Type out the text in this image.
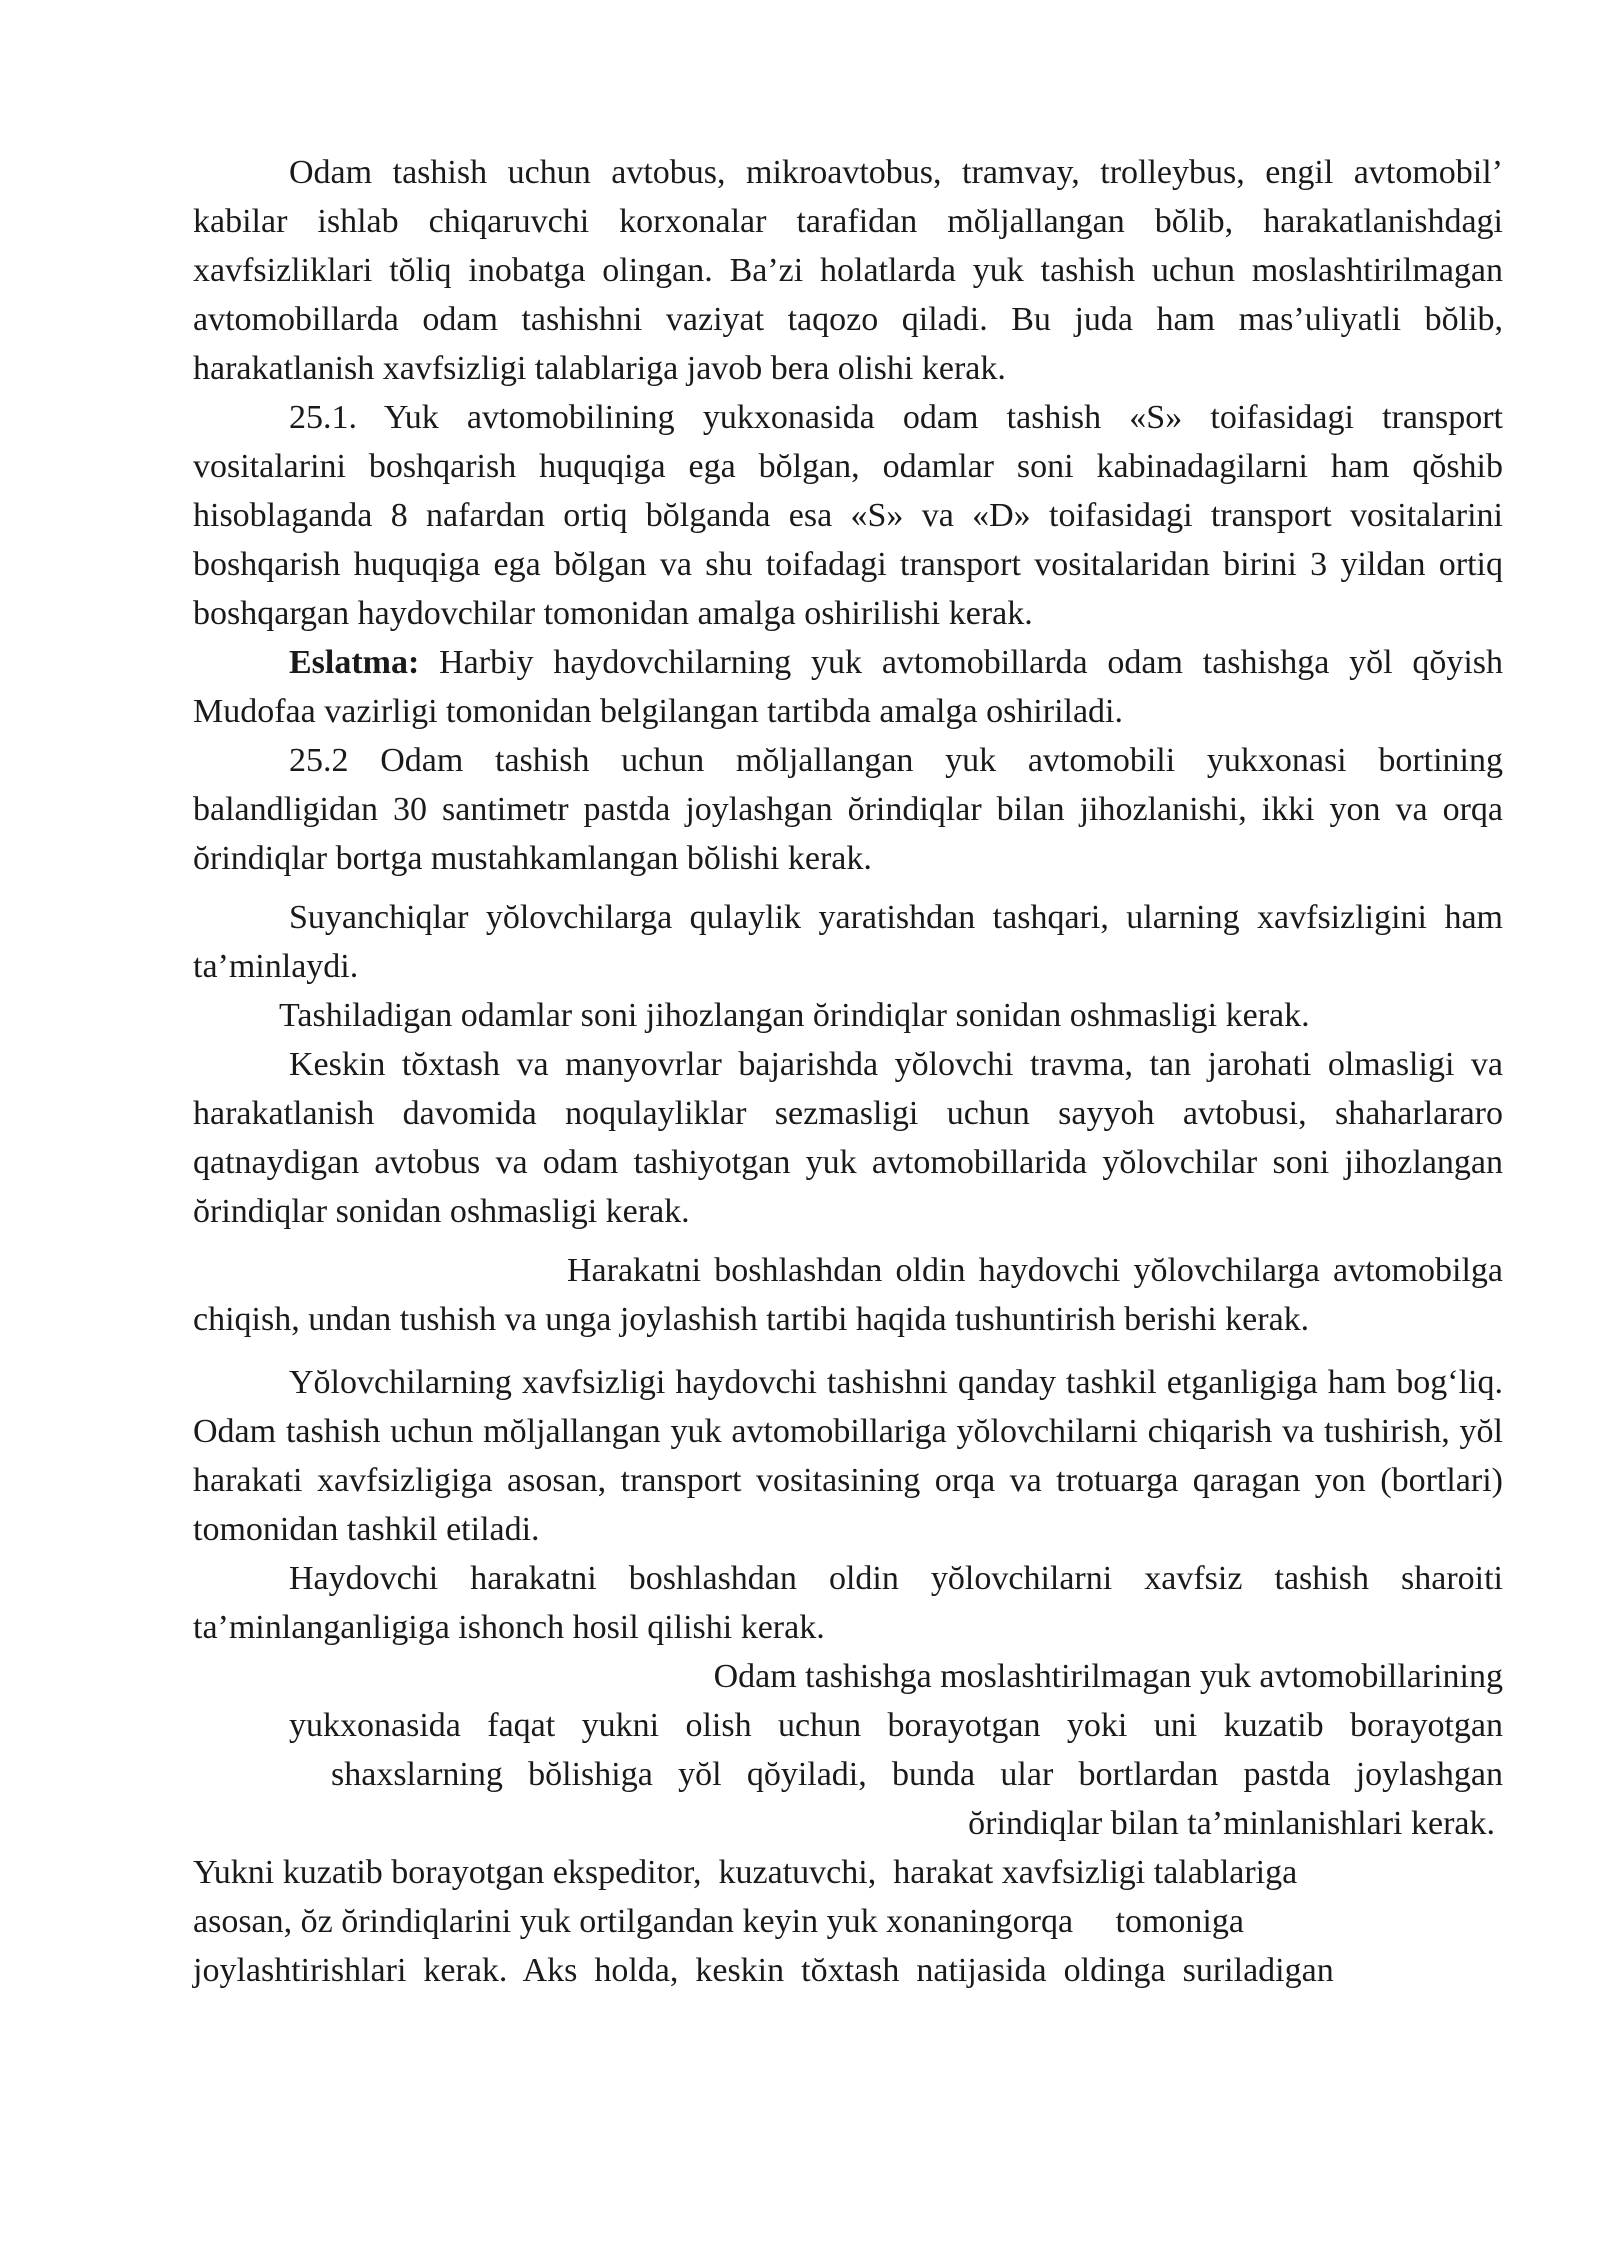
Odam tashish uchun avtobus, mikroavtobus, tramvay, trolleybus, engil avtomobil’ kabilar ishlab chiqaruvchi korxonalar tarafidan mŏljallangan bŏlib, harakatlanishdagi xavfsizliklari tŏliq inobatga olingan. Ba’zi holatlarda yuk tashish uchun moslashtirilmagan avtomobillarda odam tashishni vaziyat taqozo qiladi. Bu juda ham mas’uliyatli bŏlib, harakatlanish xavfsizligi talablariga javob bera olishi kerak.

25.1. Yuk avtomobilining yukxonasida odam tashish «S» toifasidagi transport vositalarini boshqarish huquqiga ega bŏlgan, odamlar soni kabinadagilarni ham qŏshib hisoblaganda 8 nafardan ortiq bŏlganda esa «S» va «D» toifasidagi transport vositalarini boshqarish huquqiga ega bŏlgan va shu toifadagi transport vositalaridan birini 3 yildan ortiq boshqargan haydovchilar tomonidan amalga oshirilishi kerak.

Eslatma: Harbiy haydovchilarning yuk avtomobillarda odam tashishga yŏl qŏyish Mudofaa vazirligi tomonidan belgilangan tartibda amalga oshiriladi.

25.2 Odam tashish uchun mŏljallangan yuk avtomobili yukxonasi bortining balandligidan 30 santimetr pastda joylashgan ŏrindiqlar bilan jihozlanishi, ikki yon va orqa ŏrindiqlar bortga mustahkamlangan bŏlishi kerak.

Suyanchiqlar yŏlovchilarga qulaylik yaratishdan tashqari, ularning xavfsizligini ham ta’minlaydi.

Tashiladigan odamlar soni jihozlangan ŏrindiqlar sonidan oshmasligi kerak.

Keskin tŏxtash va manyovrlar bajarishda yŏlovchi travma, tan jarohati olmasligi va harakatlanish davomida noqulayliklar sezmasligi uchun sayyoh avtobusi, shaharlararo qatnaydigan avtobus va odam tashiyotgan yuk avtomobillarida yŏlovchilar soni jihozlangan ŏrindiqlar sonidan oshmasligi kerak.

Harakatni boshlashdan oldin haydovchi yŏlovchilarga avtomobilga chiqish, undan tushish va unga joylashish tartibi haqida tushuntirish berishi kerak.

Yŏlovchilarning xavfsizligi haydovchi tashishni qanday tashkil etganligiga ham bog‘liq. Odam tashish uchun mŏljallangan yuk avtomobillariga yŏlovchilarni chiqarish va tushirish, yŏl harakati xavfsizligiga asosan, transport vositasining orqa va trotuarga qaragan yon (bortlari) tomonidan tashkil etiladi.

Haydovchi harakatni boshlashdan oldin yŏlovchilarni xavfsiz tashish sharoiti ta’minlanganligiga ishonch hosil qilishi kerak.

Odam tashishga moslashtirilmagan yuk avtomobillarining

yukxonasida faqat yukni olish uchun borayotgan yoki uni kuzatib borayotgan

shaxslarning bŏlishiga yŏl qŏyiladi, bunda ular bortlardan pastda joylashgan

ŏrindiqlar bilan ta’minlanishlari kerak.

Yukni kuzatib borayotgan ekspeditor,  kuzatuvchi,  harakat xavfsizligi talablariga

asosan, ŏz ŏrindiqlarini yuk ortilgandan keyin yuk xonaningorqa     tomoniga

joylashtirishlari  kerak.  Aks  holda,  keskin  tŏxtash  natijasida  oldinga  suriladigan
